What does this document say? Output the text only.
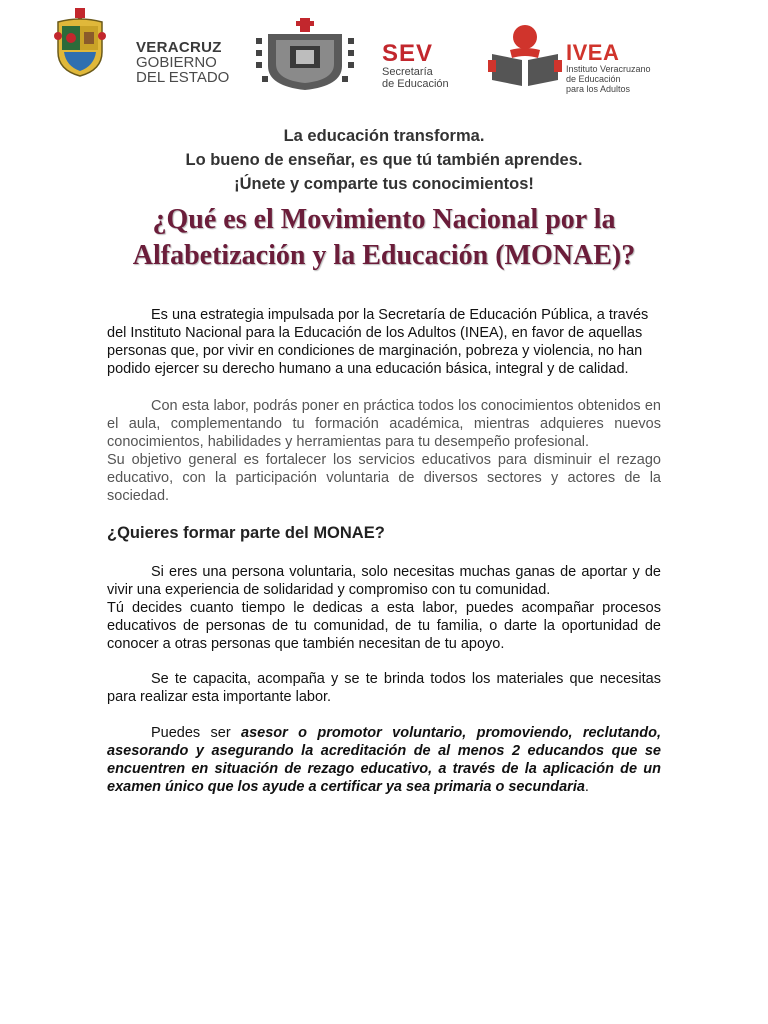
VERACRUZ
GOBIERNO
DEL ESTADO
SEV
Secretaría
de Educación
IVEA
Instituto Veracruzano
de Educación
para los Adultos
La educación transforma.
Lo bueno de enseñar, es que tú también aprendes.
¡Únete y comparte tus conocimientos!
¿Qué es el Movimiento Nacional por la
Alfabetización y la Educación (MONAE)?

Es una estrategia impulsada por la Secretaría de Educación Pública, a través del Instituto Nacional para la Educación de los Adultos (INEA), en favor de aquellas personas que, por vivir en condiciones de marginación, pobreza y violencia, no han podido ejercer su derecho humano a una educación básica, integral y de calidad.

Con esta labor, podrás poner en práctica todos los conocimientos obtenidos en el aula, complementando tu formación académica, mientras adquieres nuevos conocimientos, habilidades y herramientas para tu desempeño profesional.
Su objetivo general es fortalecer los servicios educativos para disminuir el rezago educativo, con la participación voluntaria de diversos sectores y actores de la sociedad.
¿Quieres formar parte del MONAE?
Si eres una persona voluntaria, solo necesitas muchas ganas de aportar y de vivir una experiencia de solidaridad y compromiso con tu comunidad.
Tú decides cuanto tiempo le dedicas a esta labor, puedes acompañar procesos educativos de personas de tu comunidad, de tu familia, o darte la oportunidad de conocer a otras personas que también necesitan de tu apoyo.

Se te capacita, acompaña y se te brinda todos los materiales que necesitas para realizar esta importante labor.

Puedes ser asesor o promotor voluntario, promoviendo, reclutando, asesorando y asegurando la acreditación de al menos 2 educandos que se encuentren en situación de rezago educativo, a través de la aplicación de un examen único que los ayude a certificar ya sea primaria o secundaria.
